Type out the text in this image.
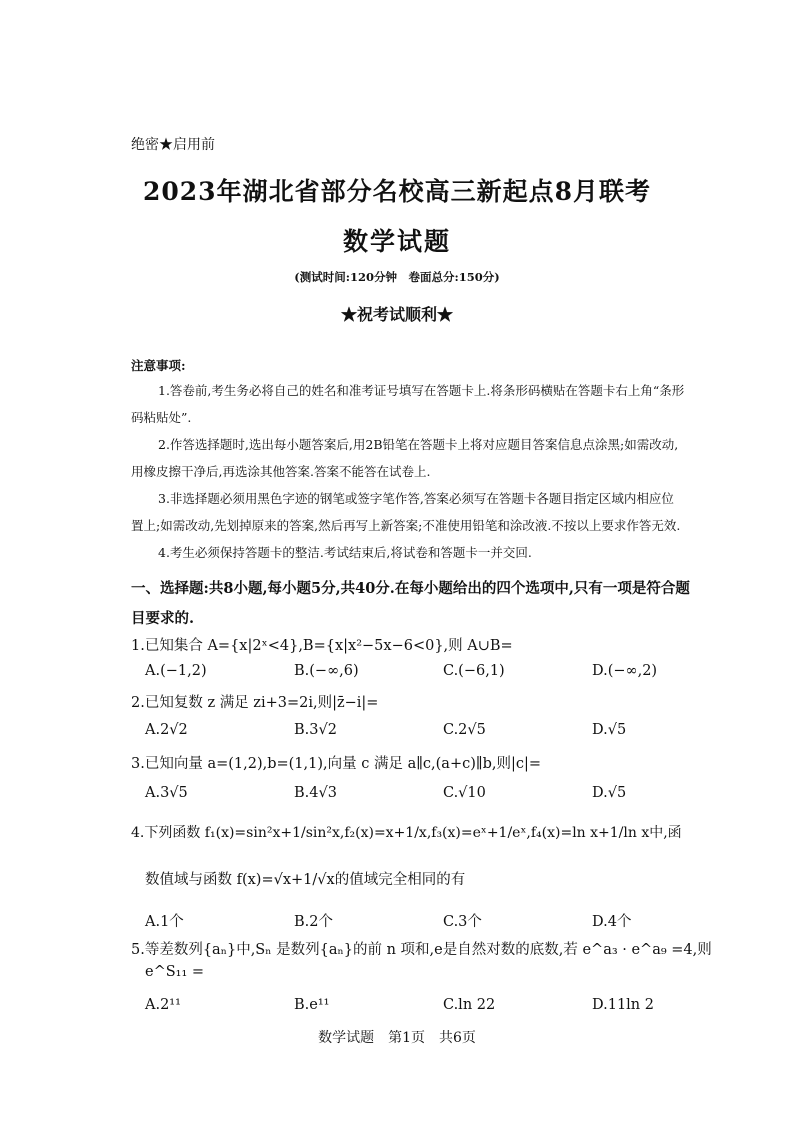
绝密★启用前
2023年湖北省部分名校高三新起点8月联考
数学试题
(测试时间:120分钟　卷面总分:150分)
★祝考试顺利★
注意事项:
1.答卷前,考生务必将自己的姓名和准考证号填写在答题卡上.将条形码横贴在答题卡右上角“条形码粘贴处”.
2.作答选择题时,选出每小题答案后,用2B铅笔在答题卡上将对应题目答案信息点涂黑;如需改动,用橡皮擦干净后,再选涂其他答案.答案不能答在试卷上.
3.非选择题必须用黑色字迹的钢笔或签字笔作答,答案必须写在答题卡各题目指定区域内相应位置上;如需改动,先划掉原来的答案,然后再写上新答案;不准使用铅笔和涂改液.不按以上要求作答无效.
4.考生必须保持答题卡的整洁.考试结束后,将试卷和答题卡一并交回.
一、选择题:共8小题,每小题5分,共40分.在每小题给出的四个选项中,只有一项是符合题目要求的.
1.已知集合 A={x|2ˣ<4},B={x|x²−5x−6<0},则 A∪B=
A.(−1,2)	B.(−∞,6)	C.(−6,1)	D.(−∞,2)
2.已知复数 z 满足 zi+3=2i,则|z̄−i|=
A.2√2	B.3√2	C.2√5	D.√5
3.已知向量 a=(1,2),b=(1,1),向量 c 满足 a∥c,(a+c)∥b,则|c|=
A.3√5	B.4√3	C.√10	D.√5
4.下列函数 f₁(x)=sin²x+1/sin²x,f₂(x)=x+1/x,f₃(x)=eˣ+1/eˣ,f₄(x)=ln x+1/ln x中,函
数值域与函数 f(x)=√x+1/√x的值域完全相同的有
A.1个	B.2个	C.3个	D.4个
5.等差数列{aₙ}中,Sₙ 是数列{aₙ}的前 n 项和,e是自然对数的底数,若 e^a₃ · e^a₉ =4,则
e^S₁₁ =
A.2¹¹	B.e¹¹	C.ln 22	D.11ln 2
数学试题　第1页　共6页
